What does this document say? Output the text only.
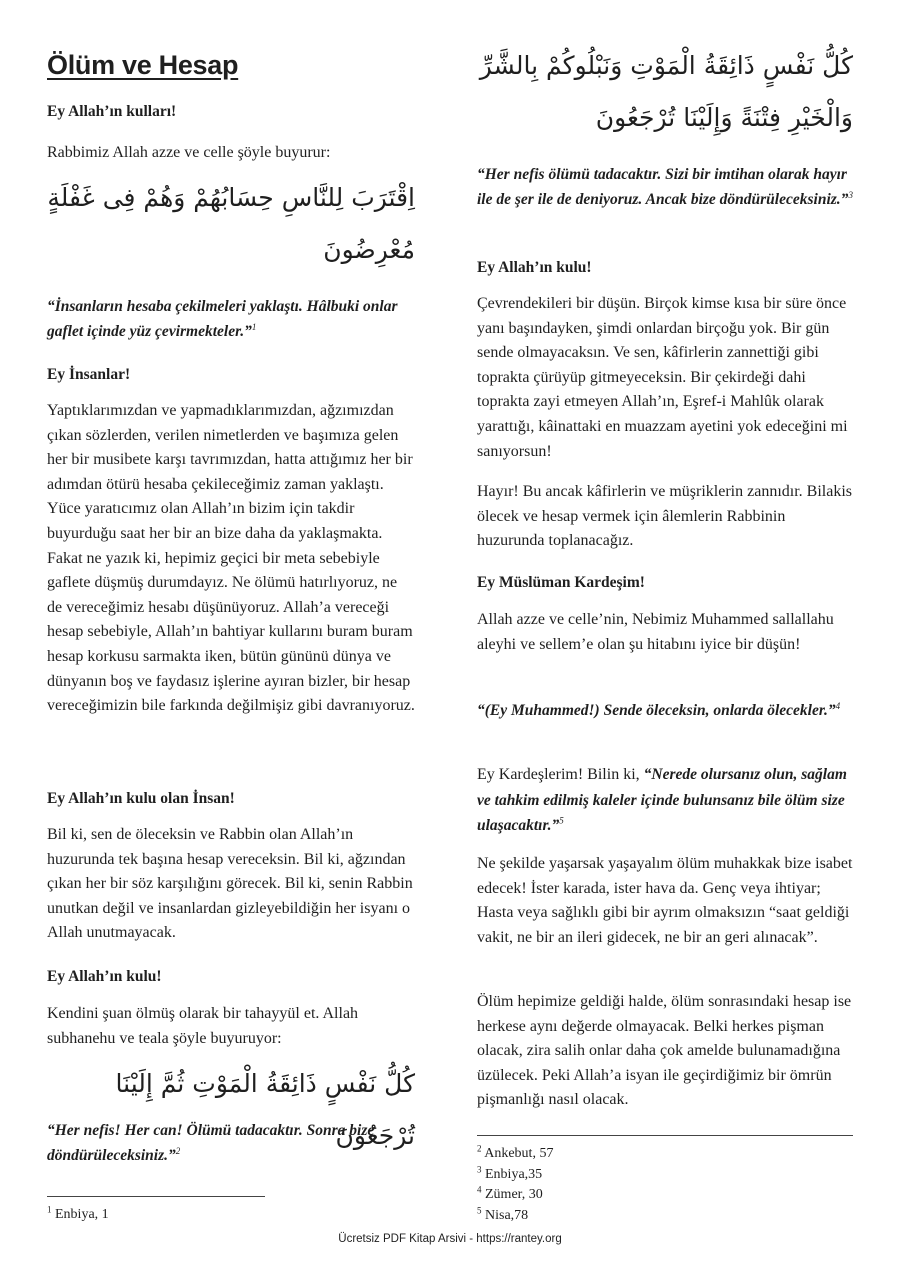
Ölüm ve Hesap

Ey Allah’ın kulları!

Rabbimiz Allah azze ve celle şöyle buyurur:

اِقْتَرَبَ لِلنَّاسِ حِسَابُهُمْ وَهُمْ فِى غَفْلَةٍ مُعْرِضُونَ

“İnsanların hesaba çekilmeleri yaklaştı. Hâlbuki onlar gaflet içinde yüz çevirmekteler.”$^1$

Ey İnsanlar!

Yaptıklarımızdan ve yapmadıklarımızdan, ağzımızdan çıkan sözlerden, verilen nimetlerden ve başımıza gelen her bir musibete karşı tavrımızdan, hatta attığımız her bir adımdan ötürü hesaba çekileceğimiz zaman yaklaştı. Yüce yaratıcımız olan Allah’ın bizim için takdir buyurduğu saat her bir an bize daha da yaklaşmakta. Fakat ne yazık ki, hepimiz geçici bir meta sebebiyle gaflete düşmüş durumdayız. Ne ölümü hatırlıyoruz, ne de vereceğimiz hesabı düşünüyoruz. Allah’a vereceği hesap sebebiyle, Allah’ın bahtiyar kullarını buram buram hesap korkusu sarmakta iken, bütün gününü dünya ve dünyanın boş ve faydasız işlerine ayıran bizler, bir hesap vereceğimizin bile farkında değilmişiz gibi davranıyoruz.

Ey Allah’ın kulu olan İnsan!

Bil ki, sen de öleceksin ve Rabbin olan Allah’ın huzurunda tek başına hesap vereceksin. Bil ki, ağzından çıkan her bir söz karşılığını görecek. Bil ki, senin Rabbin unutkan değil ve insanlardan gizleyebildiğin her isyanı o Allah unutmayacak.

Ey Allah’ın kulu!

Kendini şuan ölmüş olarak bir tahayyül et. Allah subhanehu ve teala şöyle buyuruyor:

كُلُّ نَفْسٍ ذَائِقَةُ الْمَوْتِ ثُمَّ إِلَيْنَا تُرْجَعُونَ

“Her nefis! Her can! Ölümü tadacaktır. Sonra bize döndürüleceksiniz.”$^2$

$^1$ Enbiya, 1

كُلُّ نَفْسٍ ذَائِقَةُ الْمَوْتِ وَنَبْلُوكُمْ بِالشَّرِّ وَالْخَيْرِ فِتْنَةً وَإِلَيْنَا تُرْجَعُونَ

“Her nefis ölümü tadacaktır. Sizi bir imtihan olarak hayır ile de şer ile de deniyoruz. Ancak bize döndürüleceksiniz.”$^3$

Ey Allah’ın kulu!

Çevrendekileri bir düşün. Birçok kimse kısa bir süre önce yanı başındayken, şimdi onlardan birçoğu yok. Bir gün sende olmayacaksın. Ve sen, kâfirlerin zannettiği gibi toprakta çürüyüp gitmeyeceksin. Bir çekirdeği dahi toprakta zayi etmeyen Allah’ın, Eşref-i Mahlûk olarak yarattığı, kâinattaki en muazzam ayetini yok edeceğini mi sanıyorsun!

Hayır! Bu ancak kâfirlerin ve müşriklerin zannıdır. Bilakis ölecek ve hesap vermek için âlemlerin Rabbinin huzurunda toplanacağız.

Ey Müslüman Kardeşim!

Allah azze ve celle’nin, Nebimiz Muhammed sallallahu aleyhi ve sellem’e olan şu hitabını iyice bir düşün!

“(Ey Muhammed!) Sende öleceksin, onlarda ölecekler.”$^4$

Ey Kardeşlerim! Bilin ki, “Nerede olursanız olun, sağlam ve tahkim edilmiş kaleler içinde bulunsanız bile ölüm size ulaşacaktır.”$^5$

Ne şekilde yaşarsak yaşayalım ölüm muhakkak bize isabet edecek! İster karada, ister hava da. Genç veya ihtiyar; Hasta veya sağlıklı gibi bir ayrım olmaksızın “saat geldiği vakit, ne bir an ileri gidecek, ne bir an geri alınacak”.

Ölüm hepimize geldiği halde, ölüm sonrasındaki hesap ise herkese aynı değerde olmayacak. Belki herkes pişman olacak, zira salih onlar daha çok amelde bulunamadığına üzülecek. Peki Allah’a isyan ile geçirdiğimiz bir ömrün pişmanlığı nasıl olacak.

$^2$ Ankebut, 57

$^3$ Enbiya,35

$^4$ Zümer, 30

$^5$ Nisa,78

Ücretsiz PDF Kitap Arsivi - https://rantey.org
